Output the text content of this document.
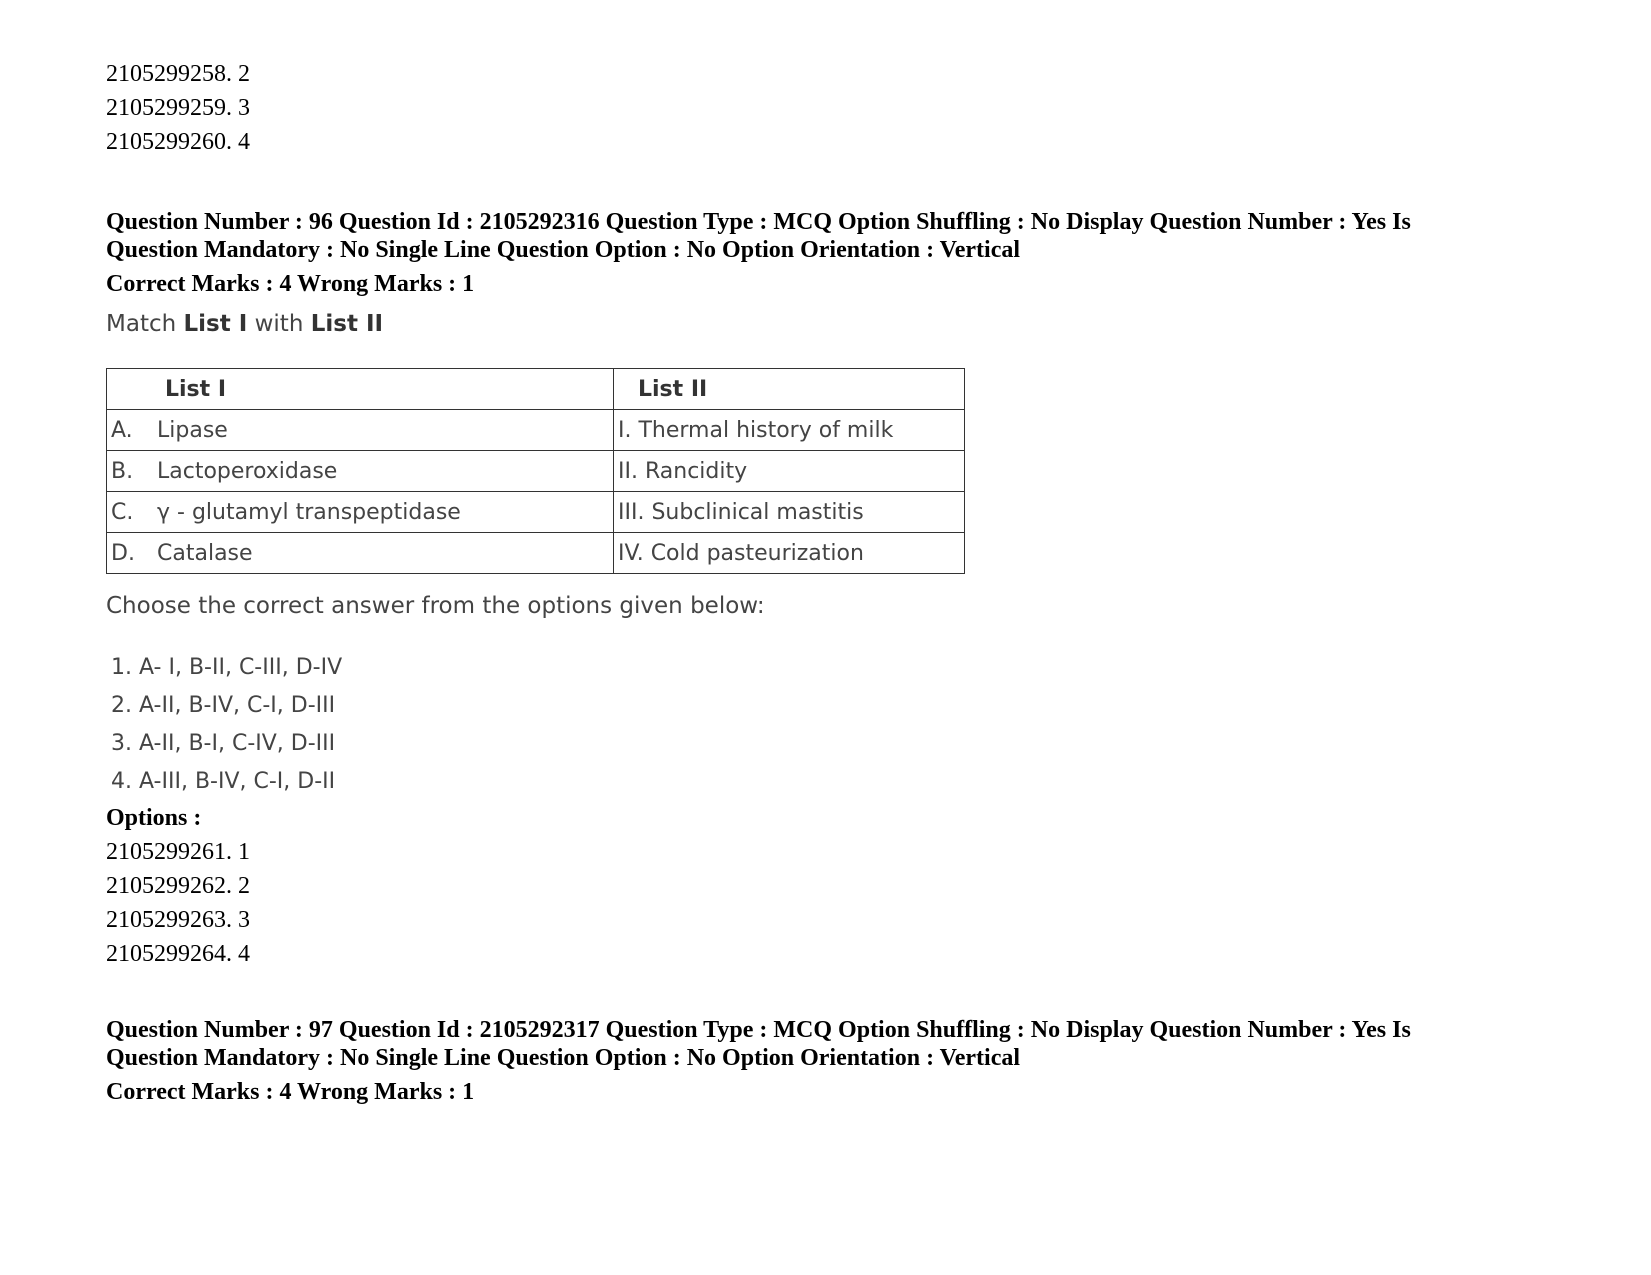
2105299258. 2
2105299259. 3
2105299260. 4
Question Number : 96 Question Id : 2105292316 Question Type : MCQ Option Shuffling : No Display Question Number : Yes Is
Question Mandatory : No Single Line Question Option : No Option Orientation : Vertical
Correct Marks : 4 Wrong Marks : 1
Match List I with List II
List I	List II
A. Lipase	I. Thermal history of milk
B. Lactoperoxidase	II. Rancidity
C. γ - glutamyl transpeptidase	III. Subclinical mastitis
D. Catalase	IV. Cold pasteurization
Choose the correct answer from the options given below:
1. A- I, B-II, C-III, D-IV
2. A-II, B-IV, C-I, D-III
3. A-II, B-I, C-IV, D-III
4. A-III, B-IV, C-I, D-II
Options :
2105299261. 1
2105299262. 2
2105299263. 3
2105299264. 4
Question Number : 97 Question Id : 2105292317 Question Type : MCQ Option Shuffling : No Display Question Number : Yes Is
Question Mandatory : No Single Line Question Option : No Option Orientation : Vertical
Correct Marks : 4 Wrong Marks : 1
